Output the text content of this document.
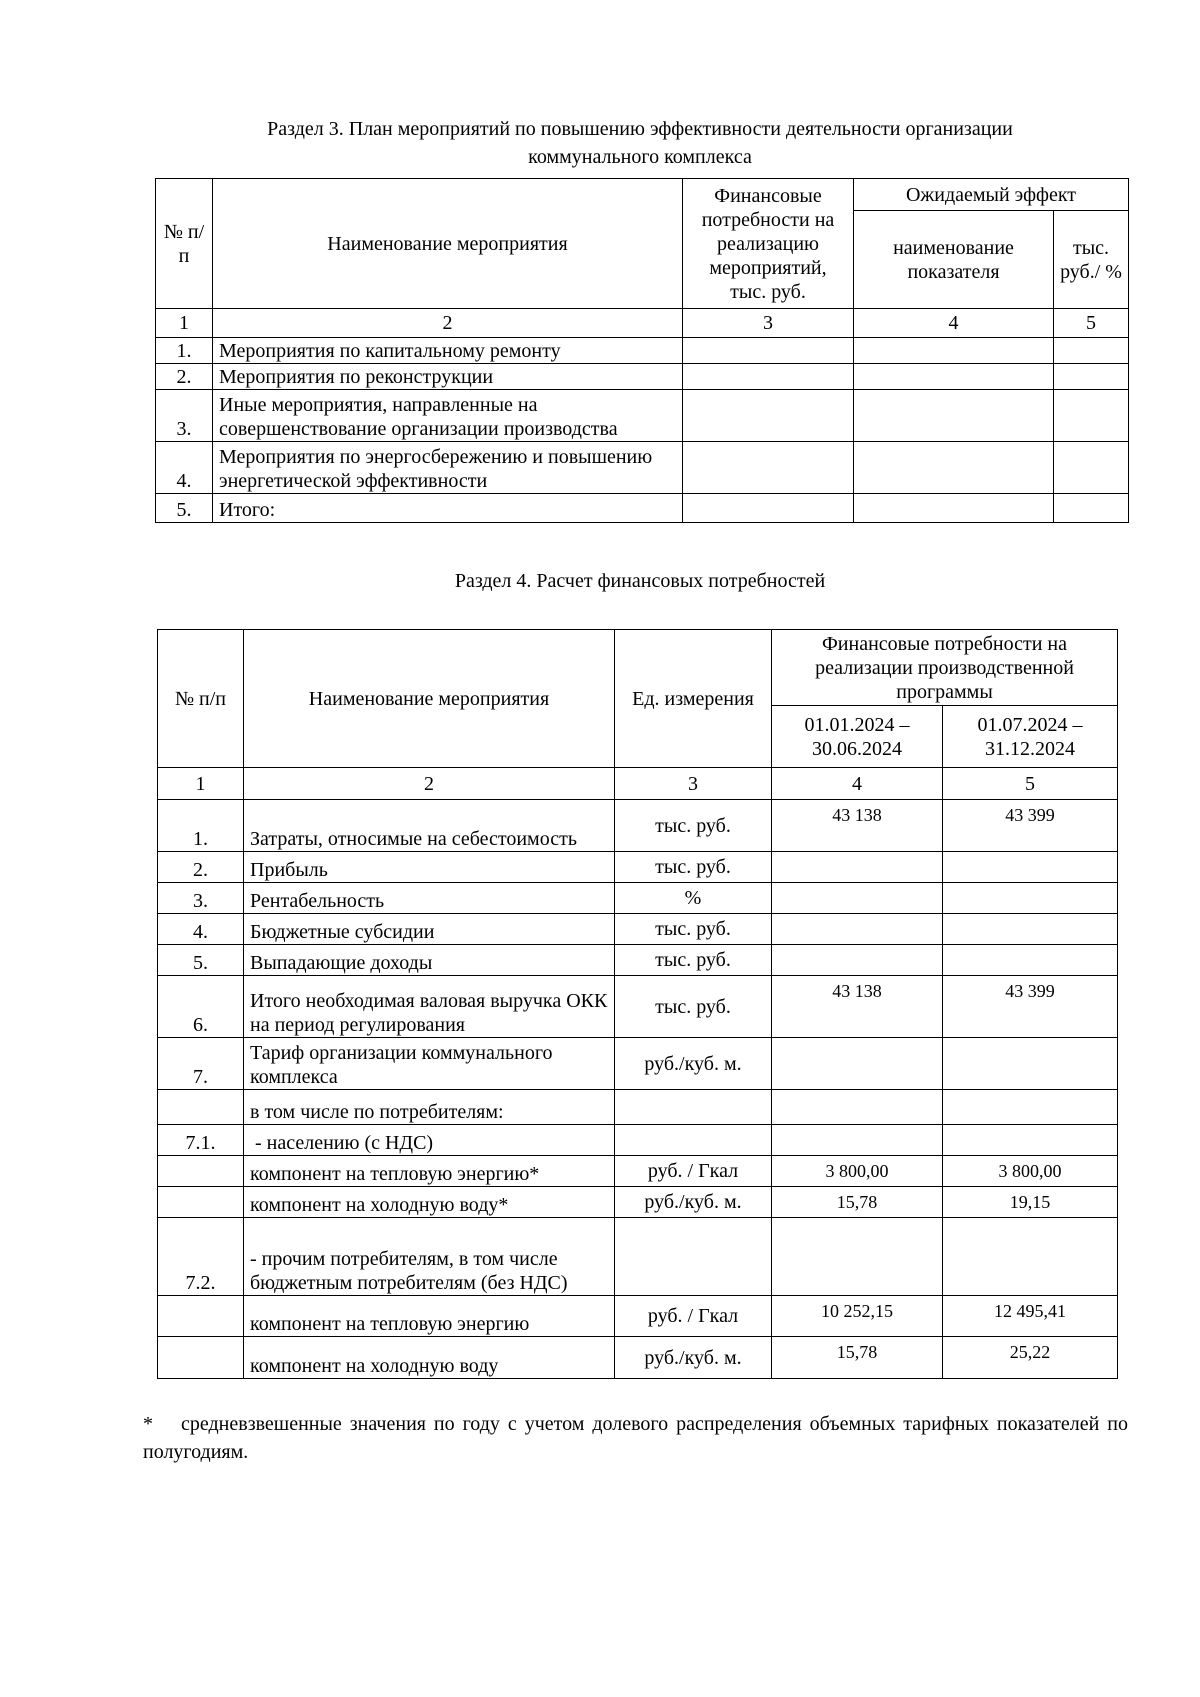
Раздел 3. План мероприятий по повышению эффективности деятельности организации
коммунального комплекса
№ п/п	Наименование мероприятия	Финансовые потребности на реализацию мероприятий, тыс. руб.	Ожидаемый эффект	
			наименование показателя	тыс. руб./ %
1	2	3	4	5
1.	Мероприятия по капитальному ремонту			
2.	Мероприятия по реконструкции			
3.	Иные мероприятия, направленные на совершенствование организации производства			
4.	Мероприятия по энергосбережению и повышению энергетической эффективности			
5.	Итого:			
Раздел 4. Расчет финансовых потребностей
№ п/п	Наименование мероприятия	Ед. измерения	Финансовые потребности на реализации производственной программы	
			01.01.2024 – 30.06.2024	01.07.2024 – 31.12.2024
1	2	3	4	5
1.	Затраты, относимые на себестоимость	тыс. руб.	43 138	43 399
2.	Прибыль	тыс. руб.		
3.	Рентабельность	%		
4.	Бюджетные субсидии	тыс. руб.		
5.	Выпадающие доходы	тыс. руб.		
6.	Итого необходимая валовая выручка ОКК на период регулирования	тыс. руб.	43 138	43 399
7.	Тариф организации коммунального комплекса	руб./куб. м.		
	в том числе по потребителям:			
7.1.	- населению (с НДС)			
	компонент на тепловую энергию*	руб. / Гкал	3 800,00	3 800,00
	компонент на холодную воду*	руб./куб. м.	15,78	19,15
7.2.	- прочим потребителям, в том числе бюджетным потребителям (без НДС)			
	компонент на тепловую энергию	руб. / Гкал	10 252,15	12 495,41
	компонент на холодную воду	руб./куб. м.	15,78	25,22
* средневзвешенные значения по году с учетом долевого распределения объемных тарифных показателей по полугодиям.
